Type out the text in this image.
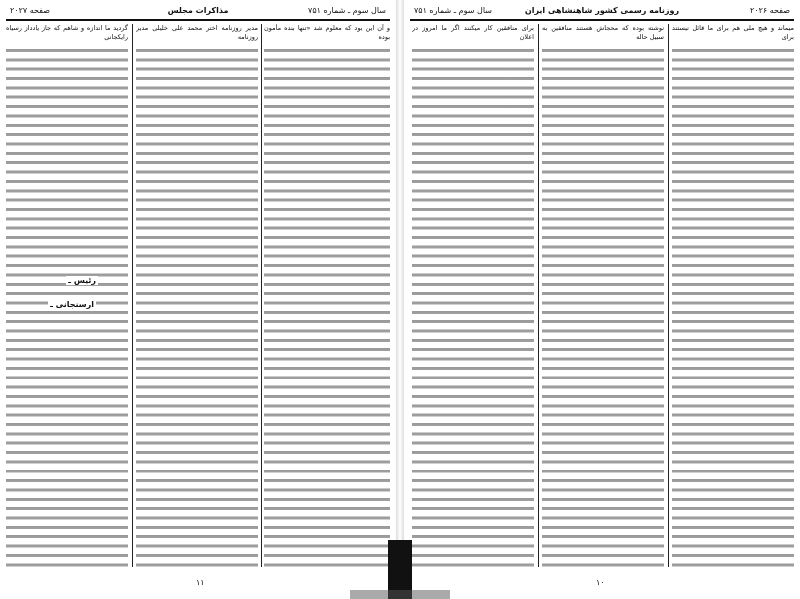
سال سوم ـ شماره ۷۵۱
مذاکرات مجلس
صفحه ۲۰۲۷

و آن این بود که معلوم شد «تنها بنده مأمون بوده

مدیر روزنامه اختر محمد علی خلیلی مدیر روزنامه

گردید ما اندازه و شاهم که جاز یادداز رسیاه رایکجانی

رئیس ـ
ارسنجانی ـ
۱۱
صفحه ۲۰۲۶
روزنامه رسمی کشور شاهنشاهی ایران
سال سوم ـ شماره ۷۵۱

میماند و هیچ ملی هم برای ما قائل نیستند برای

نوشته بوده که محجاش هستند منافقین به سبیل حاله

برای منافقین کار میکنند اگر ما امروز در اعلان

۱۰
